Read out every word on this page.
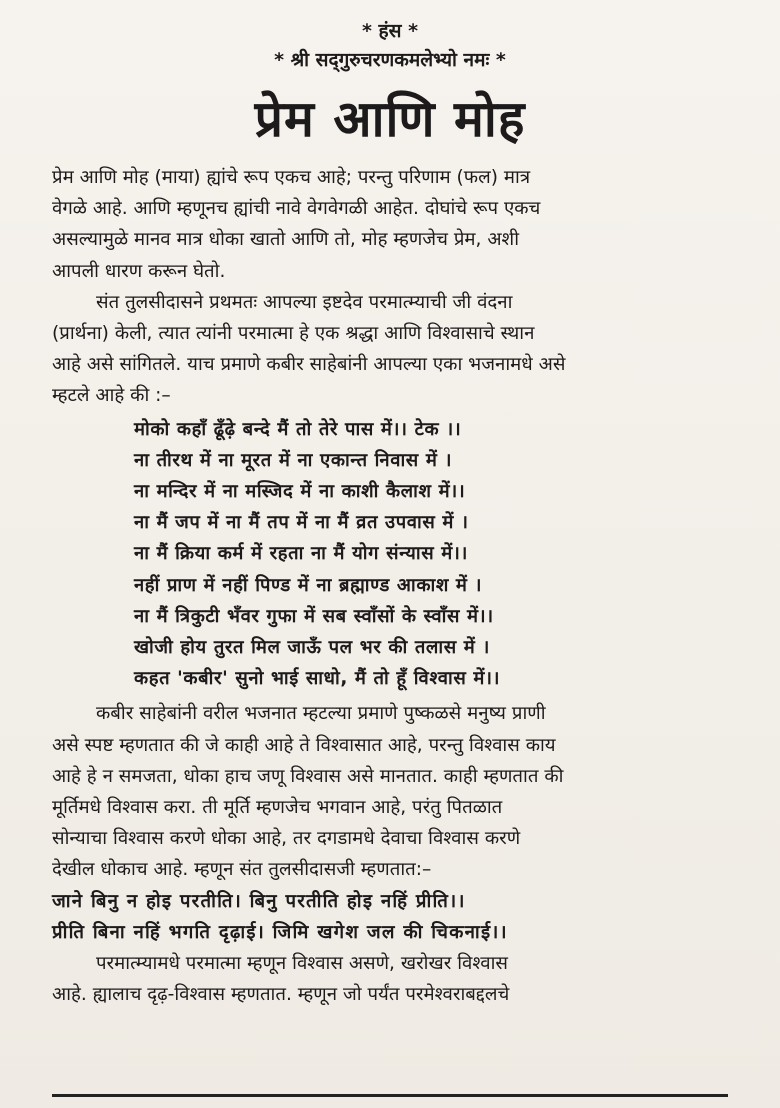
* हंस *
* श्री सद्‌गुरुचरणकमलेभ्यो नमः *
प्रेम आणि मोह

प्रेम आणि मोह (माया) ह्यांचे रूप एकच आहे; परन्तु परिणाम (फल) मात्र
वेगळे आहे. आणि म्हणूनच ह्यांची नावे वेगवेगळी आहेत. दोघांचे रूप एकच
असल्यामुळे मानव मात्र धोका खातो आणि तो, मोह म्हणजेच प्रेम, अशी
आपली धारण करून घेतो.

संत तुलसीदासने प्रथमतः आपल्या इष्टदेव परमात्म्याची जी वंदना
(प्रार्थना) केली, त्यात त्यांनी परमात्मा हे एक श्रद्धा आणि विश्वासाचे स्थान
आहे असे सांगितले. याच प्रमाणे कबीर साहेबांनी आपल्या एका भजनामधे असे
म्हटले आहे की :–

मोको कहाँ ढूँढ़े बन्दे मैं तो तेरे पास में।। टेक ।।
ना तीरथ में ना मूरत में ना एकान्त निवास में ।
ना मन्दिर में ना मस्जिद में ना काशी कैलाश में।।
ना मैं जप में ना मैं तप में ना मैं व्रत उपवास में ।
ना मैं क्रिया कर्म में रहता ना मैं योग संन्यास में।।
नहीं प्राण में नहीं पिण्ड में ना ब्रह्माण्ड आकाश में ।
ना मैं त्रिकुटी भँवर गुफा में सब स्वाँसों के स्वाँस में।।
खोजी होय तुरत मिल जाऊँ पल भर की तलास में ।
कहत 'कबीर' सुनो भाई साधो, मैं तो हूँ विश्वास में।।

कबीर साहेबांनी वरील भजनात म्हटल्या प्रमाणे पुष्कळसे मनुष्य प्राणी
असे स्पष्ट म्हणतात की जे काही आहे ते विश्वासात आहे, परन्तु विश्वास काय
आहे हे न समजता, धोका हाच जणू विश्वास असे मानतात. काही म्हणतात की
मूर्तिमधे विश्वास करा. ती मूर्ति म्हणजेच भगवान आहे, परंतु पितळात
सोन्याचा विश्वास करणे धोका आहे, तर दगडामधे देवाचा विश्वास करणे
देखील धोकाच आहे. म्हणून संत तुलसीदासजी म्हणतात:–

जाने बिनु न होइ परतीति। बिनु परतीति होइ नहिं प्रीति।।
प्रीति बिना नहिं भगति दृढ़ाई। जिमि खगेश जल की चिकनाई।।

परमात्म्यामधे परमात्मा म्हणून विश्वास असणे, खरोखर विश्वास
आहे. ह्यालाच दृढ़-विश्वास म्हणतात. म्हणून जो पर्यंत परमेश्वराबद्दलचे
